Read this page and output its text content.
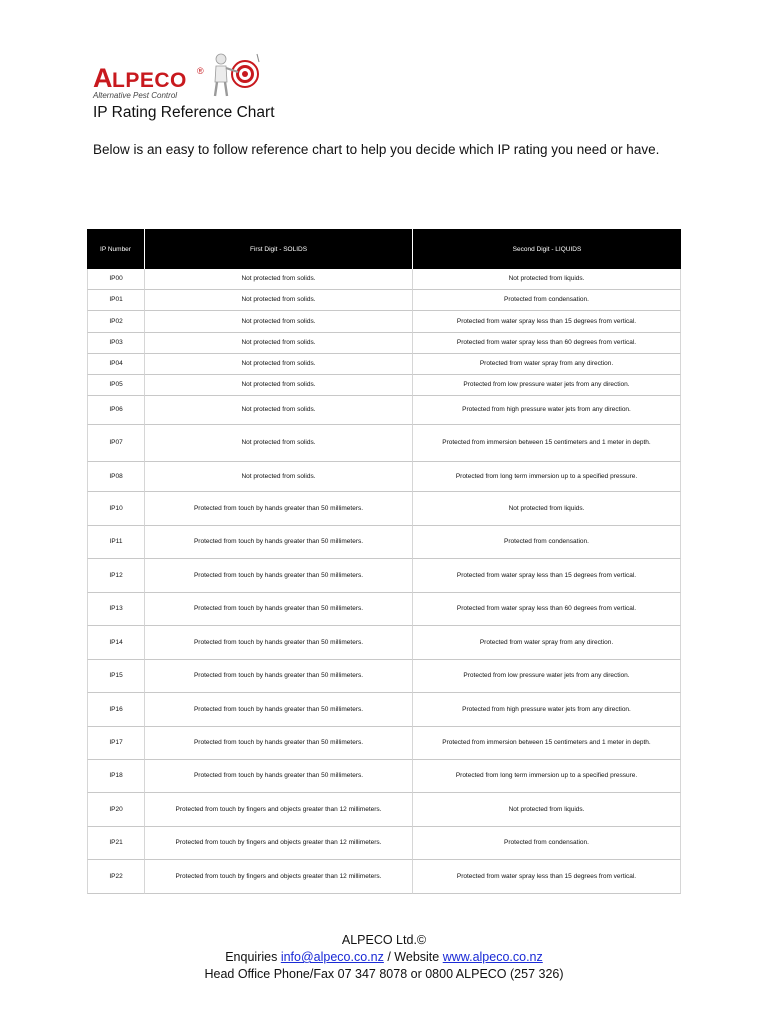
A LPECO ®
Alternative Pest Control
IP Rating Reference Chart
Below is an easy to follow reference chart to help you decide which IP rating you need or have.
IP Number	First Digit - SOLIDS	Second Digit - LIQUIDS
IP00	Not protected from solids.	Not protected from liquids.
IP01	Not protected from solids.	Protected from condensation.
IP02	Not protected from solids.	Protected from water spray less than 15 degrees from vertical.
IP03	Not protected from solids.	Protected from water spray less than 60 degrees from vertical.
IP04	Not protected from solids.	Protected from water spray from any direction.
IP05	Not protected from solids.	Protected from low pressure water jets from any direction.
IP06	Not protected from solids.	Protected from high pressure water jets from any direction.
IP07	Not protected from solids.	Protected from immersion between 15 centimeters and 1 meter in depth.
IP08	Not protected from solids.	Protected from long term immersion up to a specified pressure.
IP10	Protected from touch by hands greater than 50 millimeters.	Not protected from liquids.
IP11	Protected from touch by hands greater than 50 millimeters.	Protected from condensation.
IP12	Protected from touch by hands greater than 50 millimeters.	Protected from water spray less than 15 degrees from vertical.
IP13	Protected from touch by hands greater than 50 millimeters.	Protected from water spray less than 60 degrees from vertical.
IP14	Protected from touch by hands greater than 50 millimeters.	Protected from water spray from any direction.
IP15	Protected from touch by hands greater than 50 millimeters.	Protected from low pressure water jets from any direction.
IP16	Protected from touch by hands greater than 50 millimeters.	Protected from high pressure water jets from any direction.
IP17	Protected from touch by hands greater than 50 millimeters.	Protected from immersion between 15 centimeters and 1 meter in depth.
IP18	Protected from touch by hands greater than 50 millimeters.	Protected from long term immersion up to a specified pressure.
IP20	Protected from touch by fingers and objects greater than 12 millimeters.	Not protected from liquids.
IP21	Protected from touch by fingers and objects greater than 12 millimeters.	Protected from condensation.
IP22	Protected from touch by fingers and objects greater than 12 millimeters.	Protected from water spray less than 15 degrees from vertical.
ALPECO Ltd.©
Enquiries info@alpeco.co.nz / Website www.alpeco.co.nz
Head Office Phone/Fax 07 347 8078 or 0800 ALPECO (257 326)
